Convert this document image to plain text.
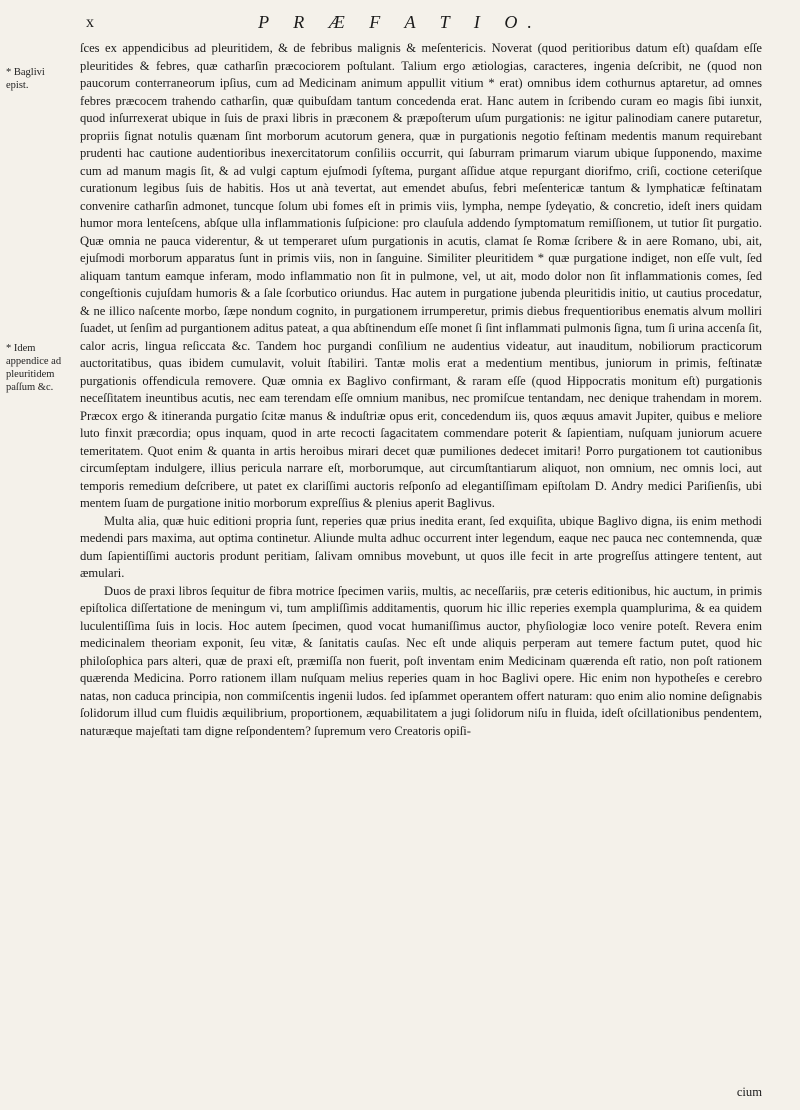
x	P R Æ F A T I O.
* Baglivi epist.
* Idem appendice ad pleuritidem paſſum &c.

ſces ex appendicibus ad pleuritidem, & de febribus malignis & meſentericis. Noverat (quod peritioribus datum eſt) quaſdam eſſe pleuritides & febres, quæ catharſin præcociorem poſtulant. Talium ergo ætiologias, caracteres, ingenia deſcribit, ne (quod non paucorum conterraneorum ipſius, cum ad Medicinam animum appullit vitium * erat) omnibus idem cothurnus aptaretur, ad omnes febres præcocem trahendo catharſin, quæ quibuſdam tantum concedenda erat. Hanc autem in ſcribendo curam eo magis ſibi iunxit, quod inſurrexerat ubique in ſuis de praxi libris in præconem & præpoſterum uſum purgationis: ne igitur palinodiam canere putaretur, propriis ſignat notulis quænam ſint morborum acutorum genera, quæ in purgationis negotio feſtinam medentis manum requirebant prudenti hac cautione audentioribus inexercitatorum conſiliis occurrit, qui ſaburram primarum viarum ubique ſupponendo, maxime cum ad manum magis ſit, & ad vulgi captum ejuſmodi ſyſtema, purgant aſſidue atque repurgant diorifmo, criſi, coctione ceteriſque curationum legibus ſuis de habitis. Hos ut anà tevertat, aut emendet abuſus, febri meſentericæ tantum & lymphaticæ feſtinatam convenire catharſin admonet, tuncque ſolum ubi fomes eſt in primis viis, lympha, nempe ſydeγatio, & concretio, ideſt iners quidam humor mora lenteſcens, abſque ulla inflammationis ſuſpicione: pro clauſula addendo ſymptomatum remiſſionem, ut tutior ſit purgatio. Quæ omnia ne pauca viderentur, & ut temperaret uſum purgationis in acutis, clamat ſe Romæ ſcribere & in aere Romano, ubi, ait, ejuſmodi morborum apparatus ſunt in primis viis, non in ſanguine. Similiter pleuritidem * quæ purgatione indiget, non eſſe vult, ſed aliquam tantum eamque inferam, modo inflammatio non ſit in pulmone, vel, ut ait, modo dolor non ſit inflammationis comes, ſed congeſtionis cujuſdam humoris & a ſale ſcorbutico oriundus. Hac autem in purgatione jubenda pleuritidis initio, ut cautius procedatur, & ne illico naſcente morbo, ſæpe nondum cognito, in purgationem irrumperetur, primis diebus frequentioribus enematis alvum molliri ſuadet, ut ſenſim ad purgantionem aditus pateat, a qua abſtinendum eſſe monet ſi ſint inflammati pulmonis ſigna, tum ſi urina accenſa ſit, calor acris, lingua reſiccata &c. Tandem hoc purgandi conſilium ne audentius videatur, aut inauditum, nobiliorum practicorum auctoritatibus, quas ibidem cumulavit, voluit ſtabiliri. Tantæ molis erat a medentium mentibus, juniorum in primis, feſtinatæ purgationis offendicula removere. Quæ omnia ex Baglivo confirmant, & raram eſſe (quod Hippocratis monitum eſt) purgationis neceſſitatem ineuntibus acutis, nec eam terendam eſſe omnium manibus, nec promiſcue tentandam, nec denique trahendam in morem. Præcox ergo & itineranda purgatio ſcitæ manus & induſtriæ opus erit, concedendum iis, quos æquus amavit Jupiter, quibus e meliore luto finxit præcordia; opus inquam, quod in arte recocti ſagacitatem commendare poterit & ſapientiam, nuſquam juniorum acuere temeritatem. Quot enim & quanta in artis heroibus mirari decet quæ pumiliones dedecet imitari! Porro purgationem tot cautionibus circumſeptam indulgere, illius pericula narrare eſt, morborumque, aut circumſtantiarum aliquot, non omnium, nec omnis loci, aut temporis remedium deſcribere, ut patet ex clariſſimi auctoris reſponſo ad elegantiſſimam epiſtolam D. Andry medici Pariſienſis, ubi mentem ſuam de purgatione initio morborum expreſſius & plenius aperit Baglivus.

Multa alia, quæ huic editioni propria ſunt, reperies quæ prius inedita erant, ſed exquiſita, ubique Baglivo digna, iis enim methodi medendi pars maxima, aut optima continetur. Aliunde multa adhuc occurrent inter legendum, eaque nec pauca nec contemnenda, quæ dum ſapientiſſimi auctoris produnt peritiam, ſalivam omnibus movebunt, ut quos ille fecit in arte progreſſus attingere tentent, aut æmulari.

Duos de praxi libros ſequitur de fibra motrice ſpecimen variis, multis, ac neceſſariis, præ ceteris editionibus, hic auctum, in primis epiſtolica diſſertatione de meningum vi, tum ampliſſimis additamentis, quorum hic illic reperies exempla quamplurima, & ea quidem luculentiſſima ſuis in locis. Hoc autem ſpecimen, quod vocat humaniſſimus auctor, phyſiologiæ loco venire poteſt. Revera enim medicinalem theoriam exponit, ſeu vitæ, & ſanitatis cauſas. Nec eſt unde aliquis perperam aut temere factum putet, quod hic philoſophica pars alteri, quæ de praxi eſt, præmiſſa non fuerit, poſt inventam enim Medicinam quærenda eſt ratio, non poſt rationem quærenda Medicina. Porro rationem illam nuſquam melius reperies quam in hoc Baglivi opere. Hic enim non hypotheſes e cerebro natas, non caduca principia, non commiſcentis ingenii ludos. ſed ipſammet operantem offert naturam: quo enim alio nomine deſignabis ſolidorum illud cum fluidis æquilibrium, proportionem, æquabilitatem a jugi ſolidorum niſu in fluida, ideſt oſcillationibus pendentem, naturæque majeſtati tam digne reſpondentem? ſupremum vero Creatoris opiſi-

cium
